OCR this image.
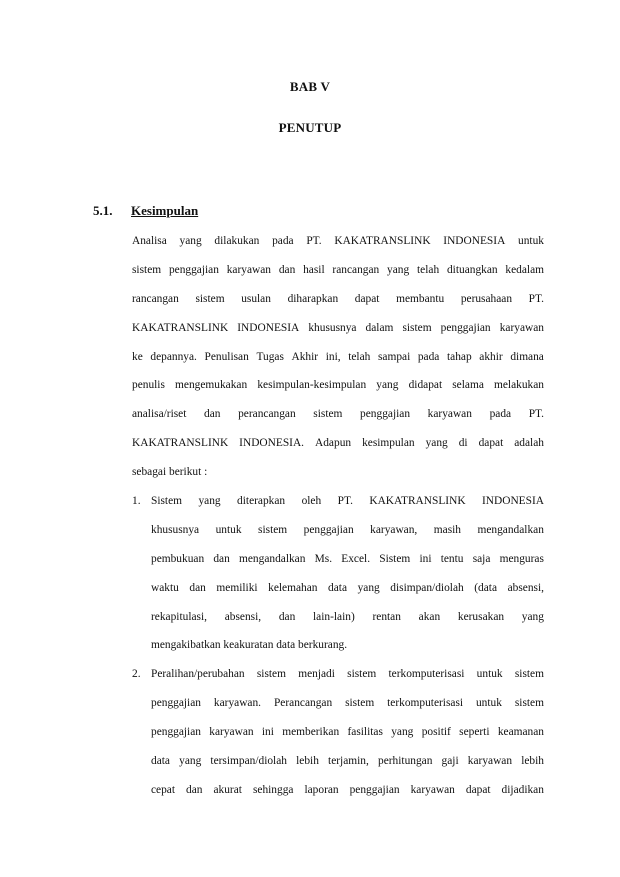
BAB V
PENUTUP
5.1. Kesimpulan
Analisa yang dilakukan pada PT. KAKATRANSLINK INDONESIA untuk
sistem penggajian karyawan dan hasil rancangan yang telah dituangkan kedalam
rancangan sistem usulan diharapkan dapat membantu perusahaan PT.
KAKATRANSLINK INDONESIA khususnya dalam sistem penggajian karyawan
ke depannya. Penulisan Tugas Akhir ini, telah sampai pada tahap akhir dimana
penulis mengemukakan kesimpulan-kesimpulan yang didapat selama melakukan
analisa/riset dan perancangan sistem penggajian karyawan pada PT.
KAKATRANSLINK INDONESIA. Adapun kesimpulan yang di dapat adalah
sebagai berikut :
1. Sistem yang diterapkan oleh PT. KAKATRANSLINK INDONESIA
khususnya untuk sistem penggajian karyawan, masih mengandalkan
pembukuan dan mengandalkan Ms. Excel. Sistem ini tentu saja menguras
waktu dan memiliki kelemahan data yang disimpan/diolah (data absensi,
rekapitulasi, absensi, dan lain-lain) rentan akan kerusakan yang
mengakibatkan keakuratan data berkurang.
2. Peralihan/perubahan sistem menjadi sistem terkomputerisasi untuk sistem
penggajian karyawan. Perancangan sistem terkomputerisasi untuk sistem
penggajian karyawan ini memberikan fasilitas yang positif seperti keamanan
data yang tersimpan/diolah lebih terjamin, perhitungan gaji karyawan lebih
cepat dan akurat sehingga laporan penggajian karyawan dapat dijadikan
